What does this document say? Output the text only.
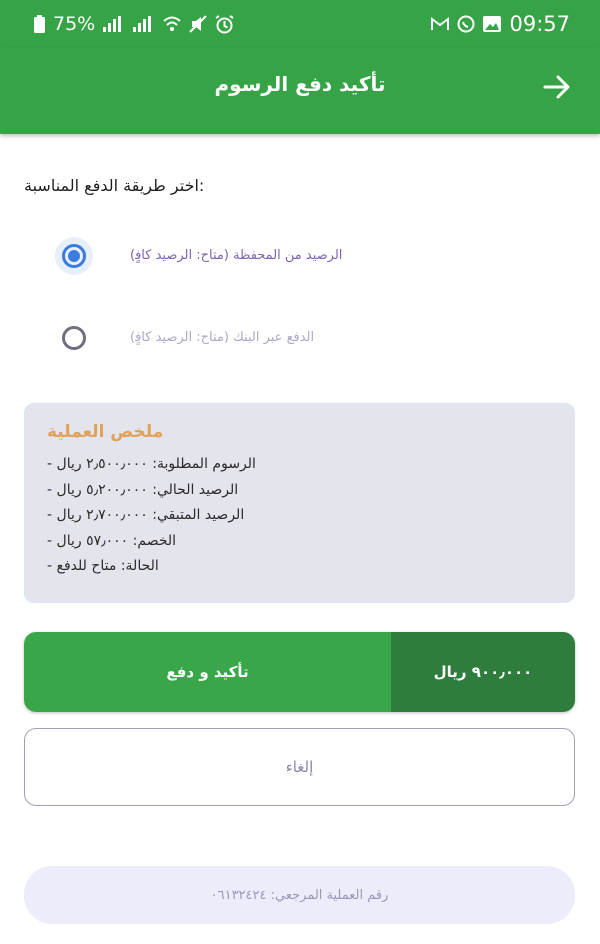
75%	09:57
ﺗﺄﻛﻴﺪ ﺩﻓﻊ ﺍﻟﺮﺳﻮﻡ
ﺍﺧﺘﺮ ﻃﺮﻳﻘﺔ ﺍﻟﺪﻓﻊ ﺍﻟﻤﻨﺎﺳﺒﺔ:
(ﻣﺘﺎﺡ: ﺍﻟﺮﺻﻴﺪ ﻛﺎﻓٍ) ﺍﻟﺮﺻﻴﺪ ﻣﻦ ﺍﻟﻤﺤﻔﻈﺔ
(ﻣﺘﺎﺡ: ﺍﻟﺮﺻﻴﺪ ﻛﺎﻓٍ) ﺍﻟﺪﻓﻊ ﻋﺒﺮ ﺍﻟﺒﻨﻚ
ﻣﻠﺨﺺ ﺍﻟﻌﻤﻠﻴﺔ
- ﺍﻟﺮﺳﻮﻡ ﺍﻟﻤﻄﻠﻮﺑﺔ: ٢٫٥٠٠٫٠٠٠ ﺭﻳﺎﻝ
- ﺍﻟﺮﺻﻴﺪ ﺍﻟﺤﺎﻟﻲ: ٥٫٢٠٠٫٠٠٠ ﺭﻳﺎﻝ
- ﺍﻟﺮﺻﻴﺪ ﺍﻟﻤﺘﺒﻘﻲ: ٢٫٧٠٠٫٠٠٠ ﺭﻳﺎﻝ
- ﺍﻟﺨﺼﻢ: ٥٧٫٠٠٠ ﺭﻳﺎﻝ
- ﺍﻟﺤﺎﻟﺔ: ﻣﺘﺎﺡ ﻟﻠﺪﻓﻊ
ﺗﺄﻛﻴﺪ ﻭ ﺩﻓﻊ	٩٠٠٫٠٠٠ ﺭﻳﺎﻝ
ﺇﻟﻐﺎﺀ
ﺭﻗﻢ ﺍﻟﻌﻤﻠﻴﺔ ﺍﻟﻤﺮﺟﻌﻲ: ٠٦١٣٢٤٢٤
